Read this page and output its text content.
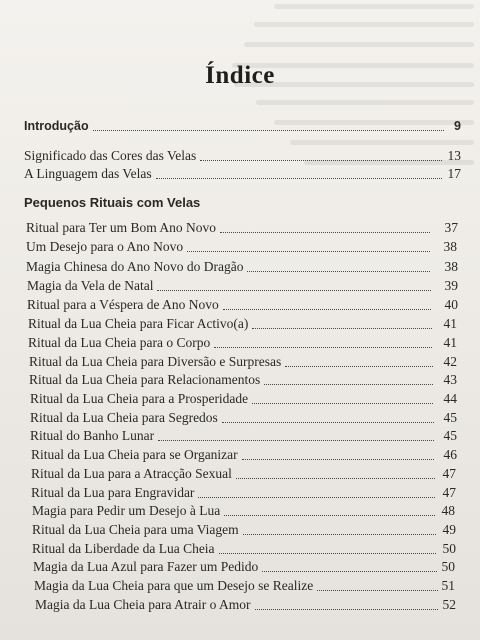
Índice
Pequenos Rituais com Velas
Introdução	9
Significado das Cores das Velas	13
A Linguagem das Velas	17
Ritual para Ter um Bom Ano Novo	37
Um Desejo para o Ano Novo	38
Magia Chinesa do Ano Novo do Dragão	38
Magia da Vela de Natal	39
Ritual para a Véspera de Ano Novo	40
Ritual da Lua Cheia para Ficar Activo(a)	41
Ritual da Lua Cheia para o Corpo	41
Ritual da Lua Cheia para Diversão e Surpresas	42
Ritual da Lua Cheia para Relacionamentos	43
Ritual da Lua Cheia para a Prosperidade	44
Ritual da Lua Cheia para Segredos	45
Ritual do Banho Lunar	45
Ritual da Lua Cheia para se Organizar	46
Ritual da Lua para a Atracção Sexual	47
Ritual da Lua para Engravidar	47
Magia para Pedir um Desejo à Lua	48
Ritual da Lua Cheia para uma Viagem	49
Ritual da Liberdade da Lua Cheia	50
Magia da Lua Azul para Fazer um Pedido	50
Magia da Lua Cheia para que um Desejo se Realize	51
Magia da Lua Cheia para Atrair o Amor	52
